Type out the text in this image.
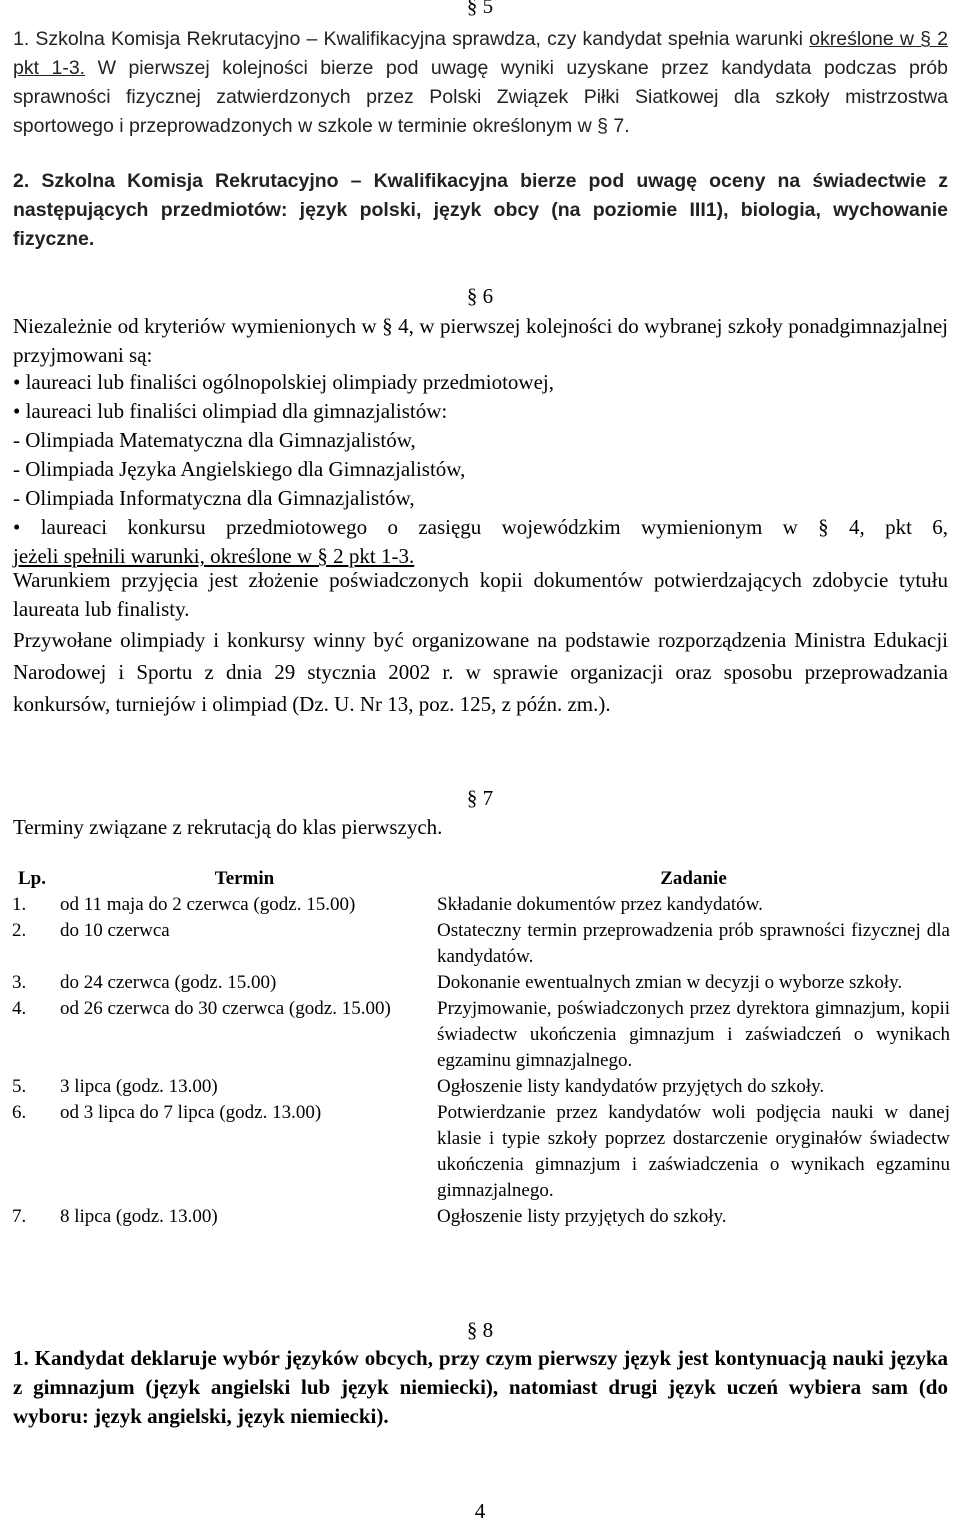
§ 5
1. Szkolna Komisja Rekrutacyjno – Kwalifikacyjna sprawdza, czy kandydat spełnia warunki określone w § 2 pkt 1-3. W pierwszej kolejności bierze pod uwagę wyniki uzyskane przez kandydata podczas prób sprawności fizycznej zatwierdzonych przez Polski Związek Piłki Siatkowej dla szkoły mistrzostwa sportowego i przeprowadzonych w szkole w terminie określonym w § 7.
2. Szkolna Komisja Rekrutacyjno – Kwalifikacyjna bierze pod uwagę oceny na świadectwie z następujących przedmiotów: język polski, język obcy (na poziomie III1), biologia, wychowanie fizyczne.
§ 6
Niezależnie od kryteriów wymienionych w § 4, w pierwszej kolejności do wybranej szkoły ponadgimnazjalnej przyjmowani są:
• laureaci lub finaliści ogólnopolskiej olimpiady przedmiotowej,
• laureaci lub finaliści olimpiad dla gimnazjalistów:
- Olimpiada Matematyczna dla Gimnazjalistów,
- Olimpiada Języka Angielskiego dla Gimnazjalistów,
- Olimpiada Informatyczna dla Gimnazjalistów,
• laureaci konkursu przedmiotowego o zasięgu wojewódzkim wymienionym w § 4, pkt 6,
jeżeli spełnili warunki, określone w § 2 pkt 1-3.
Warunkiem przyjęcia jest złożenie poświadczonych kopii dokumentów potwierdzających zdobycie tytułu laureata lub finalisty.
Przywołane olimpiady i konkursy winny być organizowane na podstawie rozporządzenia Ministra Edukacji Narodowej i Sportu z dnia 29 stycznia 2002 r. w sprawie organizacji oraz sposobu przeprowadzania konkursów, turniejów i olimpiad (Dz. U. Nr 13, poz. 125, z późn. zm.).
§ 7
Terminy związane z rekrutacją do klas pierwszych.
Lp.	Termin	Zadanie
1.	od 11 maja do 2 czerwca (godz. 15.00)	Składanie dokumentów przez kandydatów.
2.	do 10 czerwca	Ostateczny termin przeprowadzenia prób sprawności fizycznej dla kandydatów.
3.	do 24 czerwca (godz. 15.00)	Dokonanie ewentualnych zmian w decyzji o wyborze szkoły.
4.	od 26 czerwca do 30 czerwca (godz. 15.00)	Przyjmowanie, poświadczonych przez dyrektora gimnazjum, kopii świadectw ukończenia gimnazjum i zaświadczeń o wynikach egzaminu gimnazjalnego.
5.	3 lipca (godz. 13.00)	Ogłoszenie listy kandydatów przyjętych do szkoły.
6.	od 3 lipca do 7 lipca (godz. 13.00)	Potwierdzanie przez kandydatów woli podjęcia nauki w danej klasie i typie szkoły poprzez dostarczenie oryginałów świadectw ukończenia gimnazjum i zaświadczenia o wynikach egzaminu gimnazjalnego.
7.	8 lipca (godz. 13.00)	Ogłoszenie listy przyjętych do szkoły.
§ 8
1. Kandydat deklaruje wybór języków obcych, przy czym pierwszy język jest kontynuacją nauki języka z gimnazjum (język angielski lub język niemiecki), natomiast drugi język uczeń wybiera sam (do wyboru: język angielski, język niemiecki).
4
